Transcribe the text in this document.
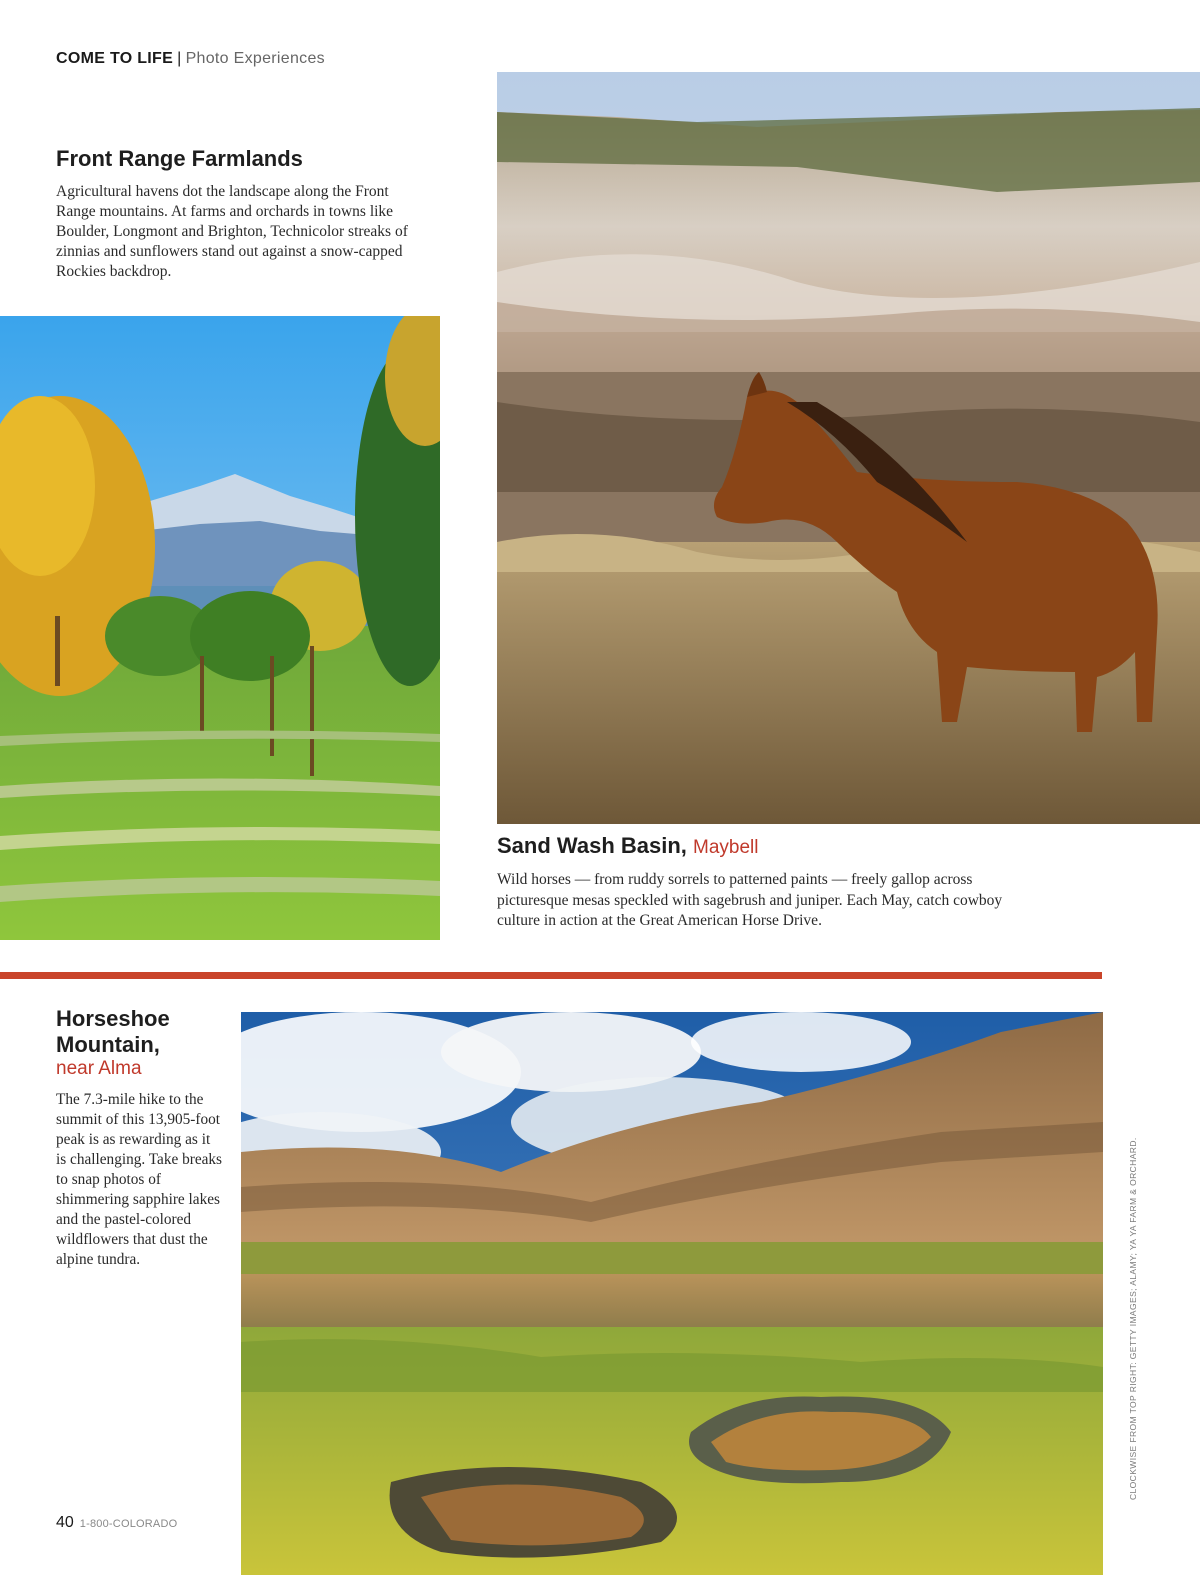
COME TO LIFE | Photo Experiences
Front Range Farmlands

Agricultural havens dot the landscape along the Front Range mountains. At farms and orchards in towns like Boulder, Longmont and Brighton, Technicolor streaks of zinnias and sunflowers stand out against a snow-capped Rockies backdrop.

Sand Wash Basin, Maybell

Wild horses — from ruddy sorrels to patterned paints — freely gallop across picturesque mesas speckled with sagebrush and juniper. Each May, catch cowboy culture in action at the Great American Horse Drive.

Horseshoe
Mountain,
near Alma

The 7.3-mile hike to the summit of this 13,905-foot peak is as rewarding as it is challenging. Take breaks to snap photos of shimmering sapphire lakes and the pastel-colored wildflowers that dust the alpine tundra.	CLOCKWISE FROM TOP RIGHT: GETTY IMAGES; ALAMY; YA YA FARM & ORCHARD.
40 1-800-COLORADO
